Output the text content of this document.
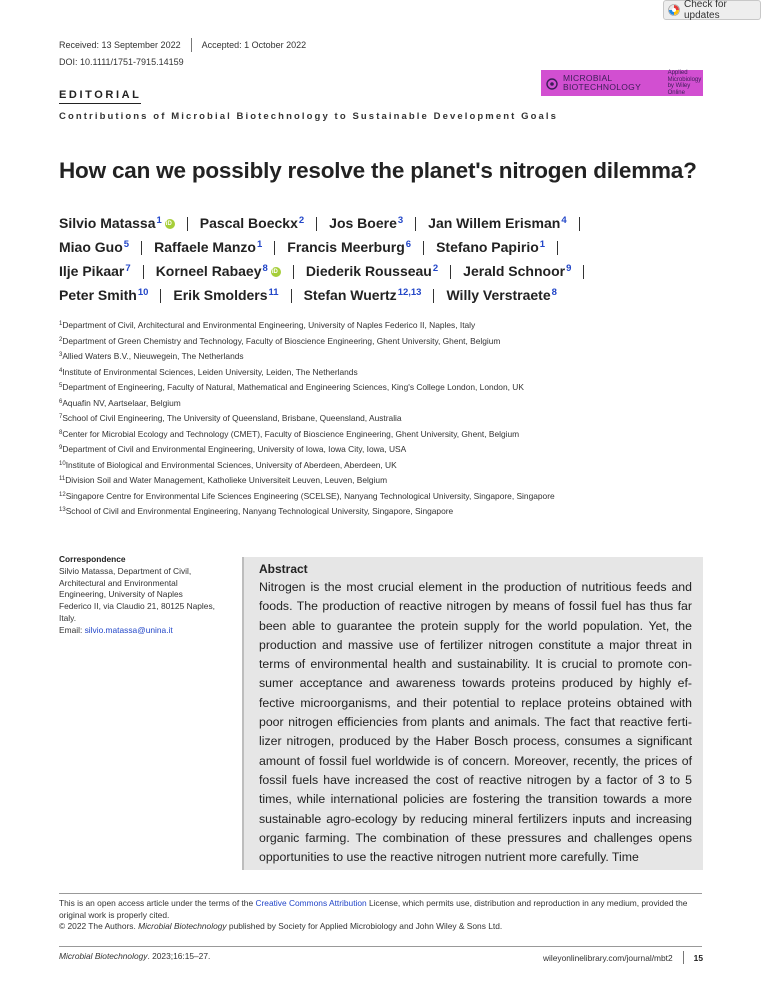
Check for updates
Received: 13 September 2022 Accepted: 1 October 2022
DOI: 10.1111/1751-7915.14159
MICROBIAL
BIOTECHNOLOGY
Applied
Microbiology
by Wiley Online
EDITORIAL
Contributions of Microbial Biotechnology to Sustainable Development Goals
How can we possibly resolve the planet's nitrogen dilemma?
Silvio Matassa$^1$ iD	Pascal Boeckx$^2$ Jos Boere$^3$ Jan Willem Erisman$^4$
Miao Guo$^5$ Raffaele Manzo$^1$ Francis Meerburg$^6$ Stefano Papirio$^1$
Ilje Pikaar$^7$ Korneel Rabaey$^8$ iD	Diederik Rousseau$^2$ Jerald Schnoor$^9$
Peter Smith$^{10}$ Erik Smolders$^{11}$ Stefan Wuertz$^{12,13}$ Willy Verstraete$^8$
$^1$Department of Civil, Architectural and Environmental Engineering, University of Naples Federico II, Naples, Italy
$^2$Department of Green Chemistry and Technology, Faculty of Bioscience Engineering, Ghent University, Ghent, Belgium
$^3$Allied Waters B.V., Nieuwegein, The Netherlands
$^4$Institute of Environmental Sciences, Leiden University, Leiden, The Netherlands
$^5$Department of Engineering, Faculty of Natural, Mathematical and Engineering Sciences, King's College London, London, UK
$^6$Aquafin NV, Aartselaar, Belgium
$^7$School of Civil Engineering, The University of Queensland, Brisbane, Queensland, Australia
$^8$Center for Microbial Ecology and Technology (CMET), Faculty of Bioscience Engineering, Ghent University, Ghent, Belgium
$^9$Department of Civil and Environmental Engineering, University of Iowa, Iowa City, Iowa, USA
$^{10}$Institute of Biological and Environmental Sciences, University of Aberdeen, Aberdeen, UK
$^{11}$Division Soil and Water Management, Katholieke Universiteit Leuven, Leuven, Belgium
$^{12}$Singapore Centre for Environmental Life Sciences Engineering (SCELSE), Nanyang Technological University, Singapore, Singapore
$^{13}$School of Civil and Environmental Engineering, Nanyang Technological University, Singapore, Singapore
Correspondence
Silvio Matassa, Department of Civil,
Architectural and Environmental
Engineering, University of Naples
Federico II, via Claudio 21, 80125 Naples,
Italy.
Email: silvio.matassa@unina.it
Abstract

Nitrogen is the most crucial element in the production of nutritious feeds and foods. The production of reactive nitrogen by means of fossil fuel has thus far been able to guarantee the protein supply for the world population. Yet, the production and massive use of fertilizer nitrogen constitute a major threat in terms of environmental health and sustainability. It is crucial to promote consumer acceptance and awareness towards proteins produced by highly effective microorganisms, and their potential to replace proteins obtained with poor nitrogen efficiencies from plants and animals. The fact that reactive fertilizer nitrogen, produced by the Haber Bosch process, consumes a significant amount of fossil fuel worldwide is of concern. Moreover, recently, the prices of fossil fuels have increased the cost of reactive nitrogen by a factor of 3 to 5 times, while international policies are fostering the transition towards a more sustainable agro-ecology by reducing mineral fertilizers inputs and increasing organic farming. The combination of these pressures and challenges opens opportunities to use the reactive nitrogen nutrient more carefully. Time

This is an open access article under the terms of the Creative Commons Attribution License, which permits use, distribution and reproduction in any medium, provided the original work is properly cited.
© 2022 The Authors. Microbial Biotechnology published by Society for Applied Microbiology and John Wiley & Sons Ltd.
Microbial Biotechnology. 2023;16:15–27.	wileyonlinelibrary.com/journal/mbt2	15
